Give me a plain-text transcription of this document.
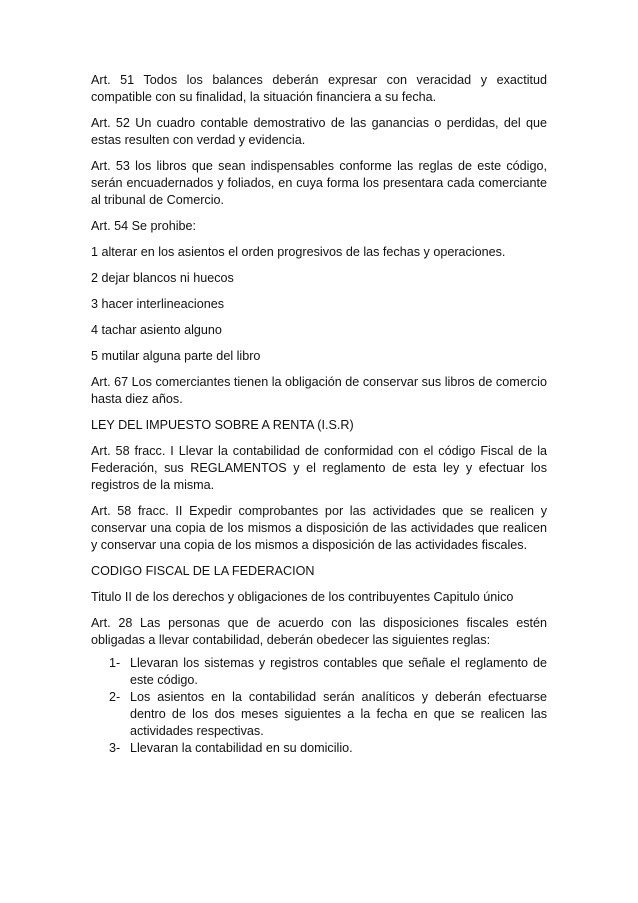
Art. 51 Todos los balances deberán expresar con veracidad y exactitud compatible con su finalidad, la situación financiera a su fecha.

Art. 52 Un cuadro contable demostrativo de las ganancias o perdidas, del que estas resulten con verdad y evidencia.

Art. 53 los libros que sean indispensables conforme las reglas de este código, serán encuadernados y foliados, en cuya forma los presentara cada comerciante al tribunal de Comercio.

Art. 54 Se prohibe:

1 alterar en los asientos el orden progresivos de las fechas y operaciones.

2 dejar blancos ni huecos

3 hacer interlineaciones

4 tachar asiento alguno

5 mutilar alguna parte del libro

Art. 67 Los comerciantes tienen la obligación de conservar sus libros de comercio hasta diez años.

LEY DEL IMPUESTO SOBRE A RENTA (I.S.R)

Art. 58 fracc. I Llevar la contabilidad de conformidad con el código Fiscal de la Federación, sus REGLAMENTOS y el reglamento de esta ley y efectuar los registros de la misma.

Art. 58 fracc. II Expedir comprobantes por las actividades que se realicen y conservar una copia de los mismos a disposición de las actividades que realicen y conservar una copia de los mismos a disposición de las actividades fiscales.

CODIGO FISCAL DE LA FEDERACION

Titulo II de los derechos y obligaciones de los contribuyentes Capitulo único

Art. 28 Las personas que de acuerdo con las disposiciones fiscales estén obligadas a llevar contabilidad, deberán obedecer las siguientes reglas:

1- Llevaran los sistemas y registros contables que señale el reglamento de este código.
2- Los asientos en la contabilidad serán analíticos y deberán efectuarse dentro de los dos meses siguientes a la fecha en que se realicen las actividades respectivas.
3- Llevaran la contabilidad en su domicilio.
